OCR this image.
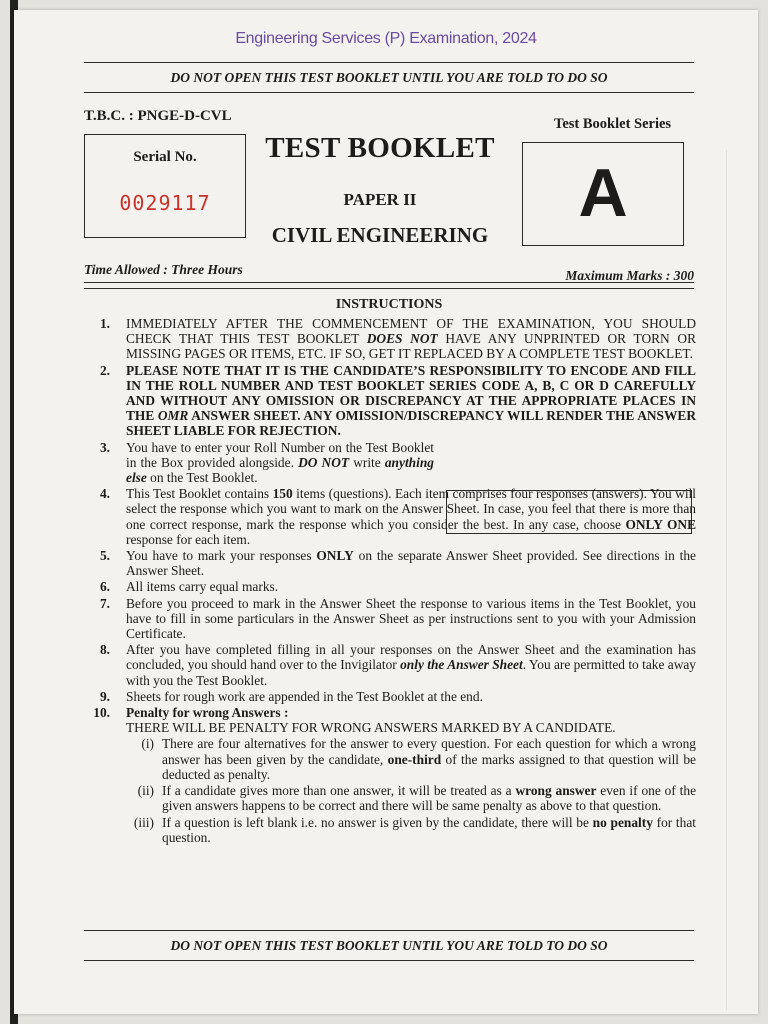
Engineering Services (P) Examination, 2024
DO NOT OPEN THIS TEST BOOKLET UNTIL YOU ARE TOLD TO DO SO
T.B.C. : PNGE-D-CVL	Test Booklet Series
Serial No.
0029117
TEST BOOKLET
PAPER II
CIVIL ENGINEERING
A
Time Allowed : Three Hours	Maximum Marks : 300
INSTRUCTIONS
1. IMMEDIATELY AFTER THE COMMENCEMENT OF THE EXAMINATION, YOU SHOULD CHECK THAT THIS TEST BOOKLET DOES NOT HAVE ANY UNPRINTED OR TORN OR MISSING PAGES OR ITEMS, ETC. IF SO, GET IT REPLACED BY A COMPLETE TEST BOOKLET.
2. PLEASE NOTE THAT IT IS THE CANDIDATE’S RESPONSIBILITY TO ENCODE AND FILL IN THE ROLL NUMBER AND TEST BOOKLET SERIES CODE A, B, C OR D CAREFULLY AND WITHOUT ANY OMISSION OR DISCREPANCY AT THE APPROPRIATE PLACES IN THE OMR ANSWER SHEET. ANY OMISSION/DISCREPANCY WILL RENDER THE ANSWER SHEET LIABLE FOR REJECTION.
3. You have to enter your Roll Number on the Test Booklet in the Box provided alongside. DO NOT write anything else on the Test Booklet.
4. This Test Booklet contains 150 items (questions). Each item comprises four responses (answers). You will select the response which you want to mark on the Answer Sheet. In case, you feel that there is more than one correct response, mark the response which you consider the best. In any case, choose ONLY ONE response for each item.
5. You have to mark your responses ONLY on the separate Answer Sheet provided. See directions in the Answer Sheet.
6. All items carry equal marks.
7. Before you proceed to mark in the Answer Sheet the response to various items in the Test Booklet, you have to fill in some particulars in the Answer Sheet as per instructions sent to you with your Admission Certificate.
8. After you have completed filling in all your responses on the Answer Sheet and the examination has concluded, you should hand over to the Invigilator only the Answer Sheet. You are permitted to take away with you the Test Booklet.
9. Sheets for rough work are appended in the Test Booklet at the end.
10. Penalty for wrong Answers :
THERE WILL BE PENALTY FOR WRONG ANSWERS MARKED BY A CANDIDATE.
(i) There are four alternatives for the answer to every question. For each question for which a wrong answer has been given by the candidate, one-third of the marks assigned to that question will be deducted as penalty.
(ii) If a candidate gives more than one answer, it will be treated as a wrong answer even if one of the given answers happens to be correct and there will be same penalty as above to that question.
(iii) If a question is left blank i.e. no answer is given by the candidate, there will be no penalty for that question.
DO NOT OPEN THIS TEST BOOKLET UNTIL YOU ARE TOLD TO DO SO
